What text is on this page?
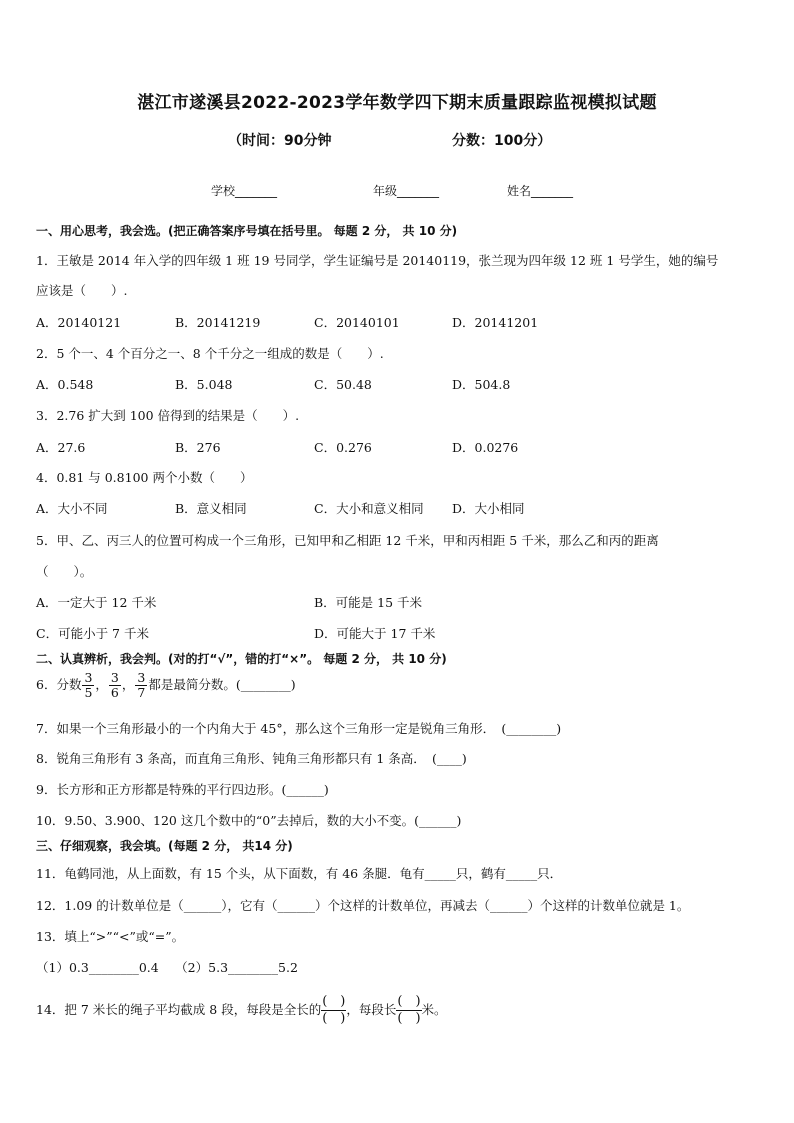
湛江市遂溪县2022-2023学年数学四下期末质量跟踪监视模拟试题
（时间：90分钟	分数：100分）
学校_______	年级_______	姓名_______
一、用心思考，我会选。(把正确答案序号填在括号里。 每题 2 分， 共 10 分)
1．王敏是 2014 年入学的四年级 1 班 19 号同学，学生证编号是 20140119，张兰现为四年级 12 班 1 号学生，她的编号
应该是（　　）.
A．20140121	B．20141219	C．20140101	D．20141201
2．5 个一、4 个百分之一、8 个千分之一组成的数是（　　）.
A．0.548	B．5.048	C．50.48	D．504.8
3．2.76 扩大到 100 倍得到的结果是（　　）.
A．27.6	B．276	C．0.276	D．0.0276
4．0.81 与 0.8100 两个小数（　　）
A．大小不同	B．意义相同	C．大小和意义相同 D．大小相同
5．甲、乙、丙三人的位置可构成一个三角形，已知甲和乙相距 12 千米，甲和丙相距 5 千米，那么乙和丙的距离
（　　）。
A．一定大于 12 千米	B．可能是 15 千米
C．可能小于 7 千米	D．可能大于 17 千米
二、认真辨析，我会判。(对的打“√”，错的打“×”。 每题 2 分， 共 10 分)
6．分数 $\frac{3}{5}$ ， $\frac{3}{6}$ ， $\frac{3}{7}$ 都是最简分数。(________)
7．如果一个三角形最小的一个内角大于 45°，那么这个三角形一定是锐角三角形．　(________)
8．锐角三角形有 3 条高，而直角三角形、钝角三角形都只有 1 条高．　(____)
9．长方形和正方形都是特殊的平行四边形。(______)
10．9.50、3.900、120 这几个数中的“0”去掉后，数的大小不变。(______)
三、仔细观察，我会填。(每题 2 分， 共14 分)
11．龟鹤同池，从上面数，有 15 个头，从下面数，有 46 条腿．龟有_____只，鹤有_____只．
12．1.09 的计数单位是（______），它有（______）个这样的计数单位，再减去（______）个这样的计数单位就是 1。
13．填上“>”“<”或“=”。
（1）0.3________0.4　 （2）5.3________5.2
14．把 7 米长的绳子平均截成 8 段，每段是全长的
(　)
(　)
，每段长
(　)
(　)
米。
